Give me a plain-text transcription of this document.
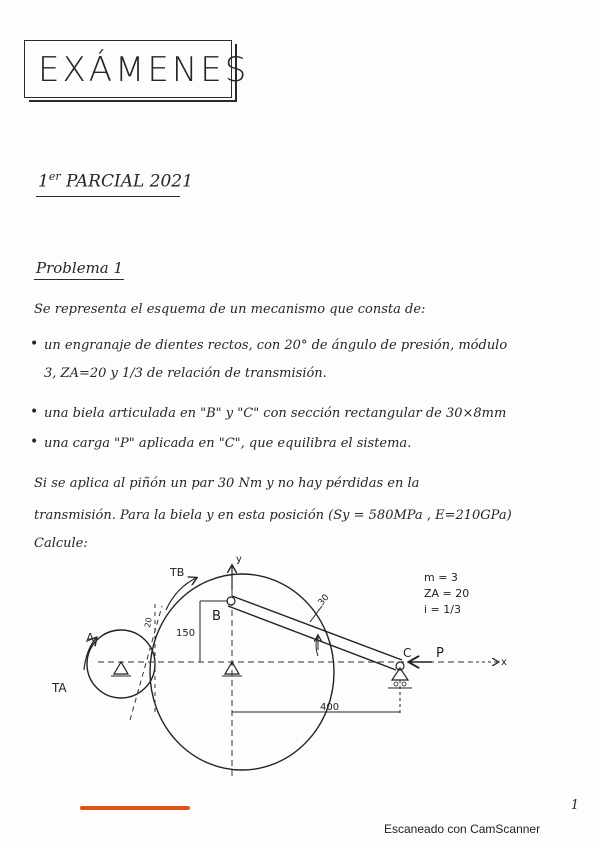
EXÁMENES
1er PARCIAL 2021
Problema 1
Se representa el esquema de un mecanismo que consta de:
• un engranaje de dientes rectos, con 20° de ángulo de presión, módulo
3, ZA=20 y 1/3 de relación de transmisión.
• una biela articulada en "B" y "C" con sección rectangular de 30×8mm
• una carga "P" aplicada en "C", que equilibra el sistema.
Si se aplica al piñón un par 30 Nm y no hay pérdidas en la
transmisión. Para la biela y en esta posición (Sy = 580MPa , E=210GPa)
Calcule:
A
B
C P
TB
TA
y
x
20
30
150
400
m = 3
ZA = 20
i = 1/3
1
Escaneado con CamScanner
